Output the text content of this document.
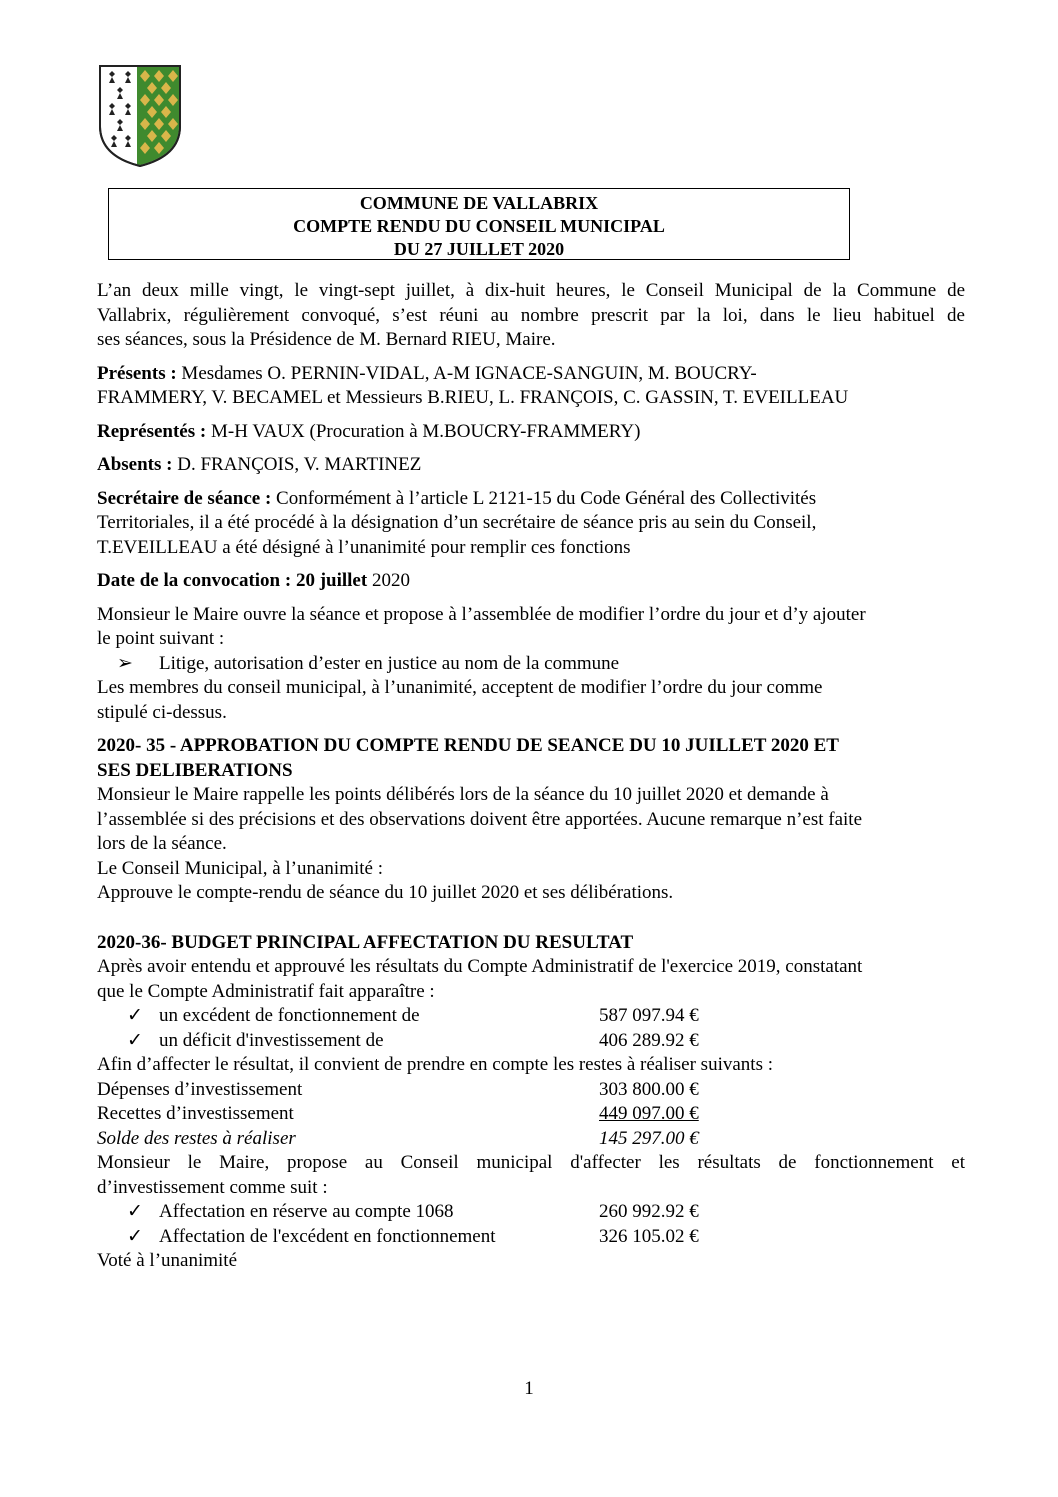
COMMUNE DE VALLABRIX
COMPTE RENDU DU CONSEIL MUNICIPAL
DU 27 JUILLET 2020

L’an deux mille vingt, le vingt-sept juillet, à dix-huit heures, le Conseil Municipal de la Commune de
Vallabrix, régulièrement convoqué, s’est réuni au nombre prescrit par la loi, dans le lieu habituel de
ses séances, sous la Présidence de M. Bernard RIEU, Maire.

Présents : Mesdames O. PERNIN-VIDAL, A-M IGNACE-SANGUIN, M. BOUCRY-
FRAMMERY, V. BECAMEL et Messieurs B.RIEU, L. FRANÇOIS, C. GASSIN, T. EVEILLEAU

Représentés : M-H VAUX (Procuration à M.BOUCRY-FRAMMERY)

Absents : D. FRANÇOIS, V. MARTINEZ

Secrétaire de séance : Conformément à l’article L 2121-15 du Code Général des Collectivités
Territoriales, il a été procédé à la désignation d’un secrétaire de séance pris au sein du Conseil,
T.EVEILLEAU a été désigné à l’unanimité pour remplir ces fonctions

Date de la convocation : 20 juillet 2020

Monsieur le Maire ouvre la séance et propose à l’assemblée de modifier l’ordre du jour et d’y ajouter
le point suivant :

➢	Litige, autorisation d’ester en justice au nom de la commune

Les membres du conseil municipal, à l’unanimité, acceptent de modifier l’ordre du jour comme
stipulé ci-dessus.

2020- 35 - APPROBATION DU COMPTE RENDU DE SEANCE DU 10 JUILLET 2020 ET
SES DELIBERATIONS

Monsieur le Maire rappelle les points délibérés lors de la séance du 10 juillet 2020 et demande à
l’assemblée si des précisions et des observations doivent être apportées. Aucune remarque n’est faite
lors de la séance.
Le Conseil Municipal, à l’unanimité :
Approuve le compte-rendu de séance du 10 juillet 2020 et ses délibérations.

2020-36- BUDGET PRINCIPAL AFFECTATION DU RESULTAT

Après avoir entendu et approuvé les résultats du Compte Administratif de l'exercice 2019, constatant
que le Compte Administratif fait apparaître :

✓ un excédent de fonctionnement de	587 097.94 €
✓ un déficit d'investissement de	406 289.92 €

Afin d’affecter le résultat, il convient de prendre en compte les restes à réaliser suivants :

Dépenses d’investissement	303 800.00 €
Recettes d’investissement	449 097.00 €
Solde des restes à réaliser	145 297.00 €

Monsieur le Maire, propose au Conseil municipal d'affecter les résultats de fonctionnement et
d’investissement comme suit :

✓ Affectation en réserve au compte 1068	260 992.92 €
✓ Affectation de l'excédent en fonctionnement	326 105.02 €

Voté à l’unanimité

1
